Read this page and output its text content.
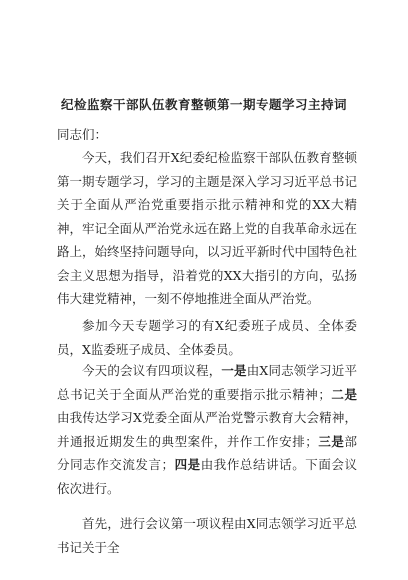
纪检监察干部队伍教育整顿第一期专题学习主持词
同志们：

今天，我们召开X纪委纪检监察干部队伍教育整顿第一期专题学习，学习的主题是深入学习习近平总书记关于全面从严治党重要指示批示精神和党的XX大精神，牢记全面从严治党永远在路上党的自我革命永远在路上，始终坚持问题导向，以习近平新时代中国特色社会主义思想为指导，沿着党的XX大指引的方向，弘扬伟大建党精神，一刻不停地推进全面从严治党。

参加今天专题学习的有X纪委班子成员、全体委员，X监委班子成员、全体委员。

今天的会议有四项议程，一是由X同志领学习近平总书记关于全面从严治党的重要指示批示精神；二是由我传达学习X党委全面从严治党警示教育大会精神，并通报近期发生的典型案件，并作工作安排；三是部分同志作交流发言；四是由我作总结讲话。下面会议依次进行。

首先，进行会议第一项议程由X同志领学习近平总书记关于全
